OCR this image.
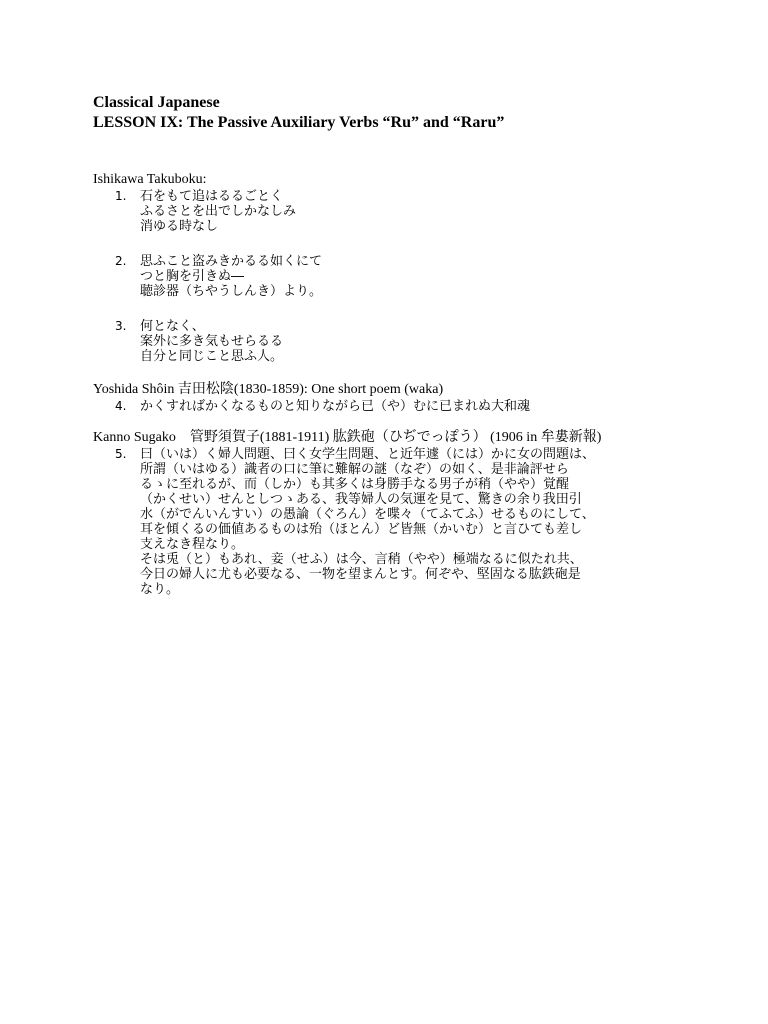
Classical Japanese
LESSON IX: The Passive Auxiliary Verbs “Ru” and “Raru”
Ishikawa Takuboku:
1. 石をもて追はるるごとく
ふるさとを出でしかなしみ
消ゆる時なし
2. 思ふこと盗みきかるる如くにて
つと胸を引きぬ―
聴診器（ちやうしんき）より。
3. 何となく、
案外に多き気もせらるる
自分と同じこと思ふ人。
Yoshida Shôin 吉田松陰(1830-1859): One short poem (waka)
4. かくすればかくなるものと知りながら已（や）むに已まれぬ大和魂
Kanno Sugako　管野須賀子(1881-1911) 肱鉄砲（ひぢでっぽう） (1906 in 牟婁新報)
5. 曰（いは）く婦人問題、曰く女学生問題、と近年遽（には）かに女の問題は、
所謂（いはゆる）識者の口に筆に難解の謎（なぞ）の如く、是非論評せら
るゝに至れるが、而（しか）も其多くは身勝手なる男子が稍（やや）覚醒
（かくせい）せんとしつゝある、我等婦人の気運を見て、驚きの余り我田引
水（がでんいんすい）の愚論（ぐろん）を喋々（てふてふ）せるものにして、
耳を傾くるの価値あるものは殆（ほとん）ど皆無（かいむ）と言ひても差し
支えなき程なり。
そは兎（と）もあれ、妾（せふ）は今、言稍（やや）極端なるに似たれ共、
今日の婦人に尤も必要なる、一物を望まんとす。何ぞや、堅固なる肱鉄砲是
なり。
